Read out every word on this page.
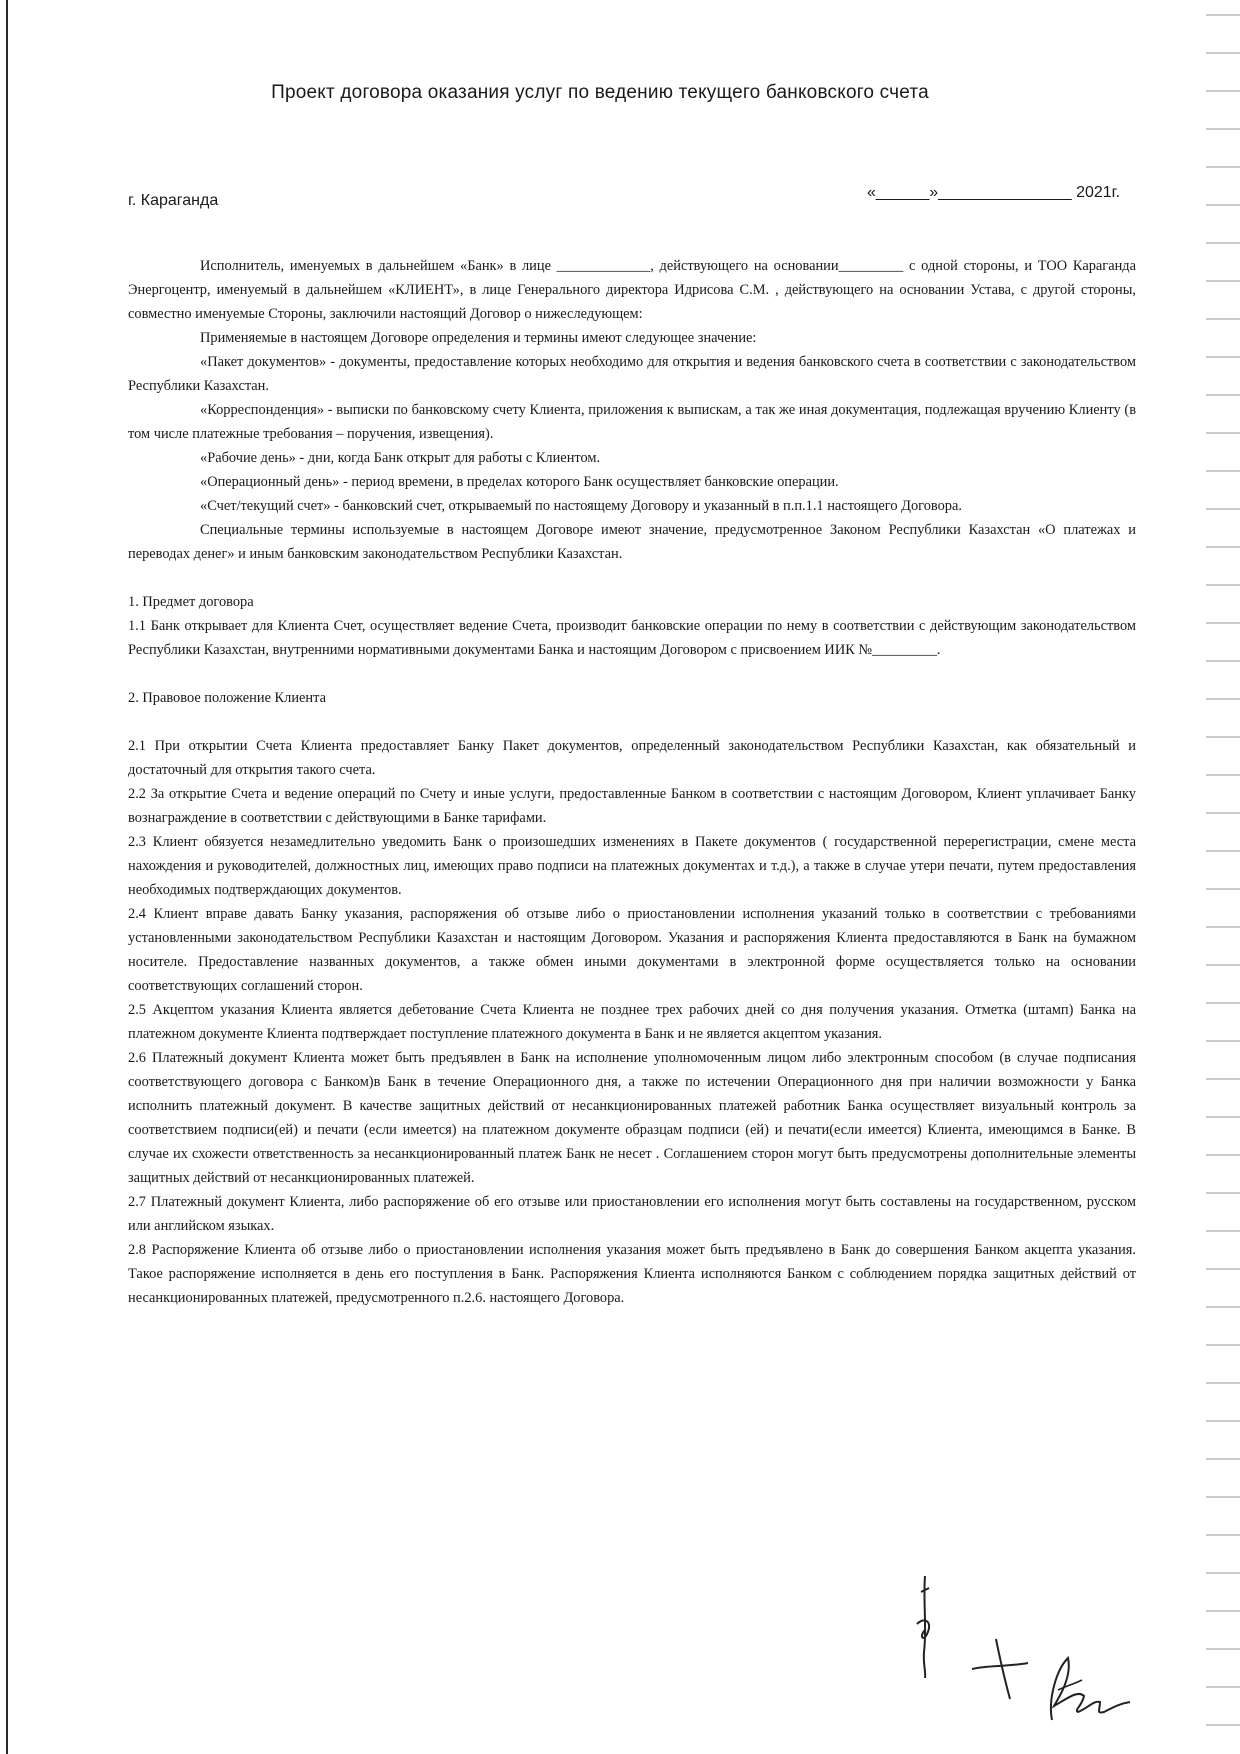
Проект договора оказания услуг по ведению текущего банковского счета
г. Караганда	«______»_______________ 2021г.

Исполнитель, именуемых в дальнейшем «Банк» в лице _____________, действующего на основании_________ с одной стороны, и ТОО Караганда Энергоцентр, именуемый в дальнейшем «КЛИЕНТ», в лице Генерального директора Идрисова С.М. , действующего на основании Устава, с другой стороны, совместно именуемые Стороны, заключили настоящий Договор о нижеследующем:

Применяемые в настоящем Договоре определения и термины имеют следующее значение:

«Пакет документов» - документы, предоставление которых необходимо для открытия и ведения банковского счета в соответствии с законодательством Республики Казахстан.

«Корреспонденция» - выписки по банковскому счету Клиента, приложения к выпискам, а так же иная документация, подлежащая вручению Клиенту (в том числе платежные требования – поручения, извещения).

«Рабочие день» - дни, когда Банк открыт для работы с Клиентом.

«Операционный день» - период времени, в пределах которого Банк осуществляет банковские операции.

«Счет/текущий счет» - банковский счет, открываемый по настоящему Договору и указанный в п.п.1.1 настоящего Договора.

Специальные термины используемые в настоящем Договоре имеют значение, предусмотренное Законом Республики Казахстан «О платежах и переводах денег» и иным банковским законодательством Республики Казахстан.

1. Предмет договора

1.1 Банк открывает для Клиента Счет, осуществляет ведение Счета, производит банковские операции по нему в соответствии с действующим законодательством Республики Казахстан, внутренними нормативными документами Банка и настоящим Договором с присвоением ИИК №_________.

2. Правовое положение Клиента

2.1 При открытии Счета Клиента предоставляет Банку Пакет документов, определенный законодательством Республики Казахстан, как обязательный и достаточный для открытия такого счета.

2.2 За открытие Счета и ведение операций по Счету и иные услуги, предоставленные Банком в соответствии с настоящим Договором, Клиент уплачивает Банку вознаграждение в соответствии с действующими в Банке тарифами.

2.3 Клиент обязуется незамедлительно уведомить Банк о произошедших изменениях в Пакете документов ( государственной перерегистрации, смене места нахождения и руководителей, должностных лиц, имеющих право подписи на платежных документах и т.д.), а также в случае утери печати, путем предоставления необходимых подтверждающих документов.

2.4 Клиент вправе давать Банку указания, распоряжения об отзыве либо о приостановлении исполнения указаний только в соответствии с требованиями установленными законодательством Республики Казахстан и настоящим Договором. Указания и распоряжения Клиента предоставляются в Банк на бумажном носителе. Предоставление названных документов, а также обмен иными документами в электронной форме осуществляется только на основании соответствующих соглашений сторон.

2.5 Акцептом указания Клиента является дебетование Счета Клиента не позднее трех рабочих дней со дня получения указания. Отметка (штамп) Банка на платежном документе Клиента подтверждает поступление платежного документа в Банк и не является акцептом указания.

2.6 Платежный документ Клиента может быть предъявлен в Банк на исполнение уполномоченным лицом либо электронным способом (в случае подписания соответствующего договора с Банком)в Банк в течение Операционного дня, а также по истечении Операционного дня при наличии возможности у Банка исполнить платежный документ. В качестве защитных действий от несанкционированных платежей работник Банка осуществляет визуальный контроль за соответствием подписи(ей) и печати (если имеется) на платежном документе образцам подписи (ей) и печати(если имеется) Клиента, имеющимся в Банке. В случае их схожести ответственность за несанкционированный платеж Банк не несет . Соглашением сторон могут быть предусмотрены дополнительные элементы защитных действий от несанкционированных платежей.

2.7 Платежный документ Клиента, либо распоряжение об его отзыве или приостановлении его исполнения могут быть составлены на государственном, русском или английском языках.

2.8 Распоряжение Клиента об отзыве либо о приостановлении исполнения указания может быть предъявлено в Банк до совершения Банком акцепта указания. Такое распоряжение исполняется в день его поступления в Банк. Распоряжения Клиента исполняются Банком с соблюдением порядка защитных действий от несанкционированных платежей, предусмотренного п.2.6. настоящего Договора.
